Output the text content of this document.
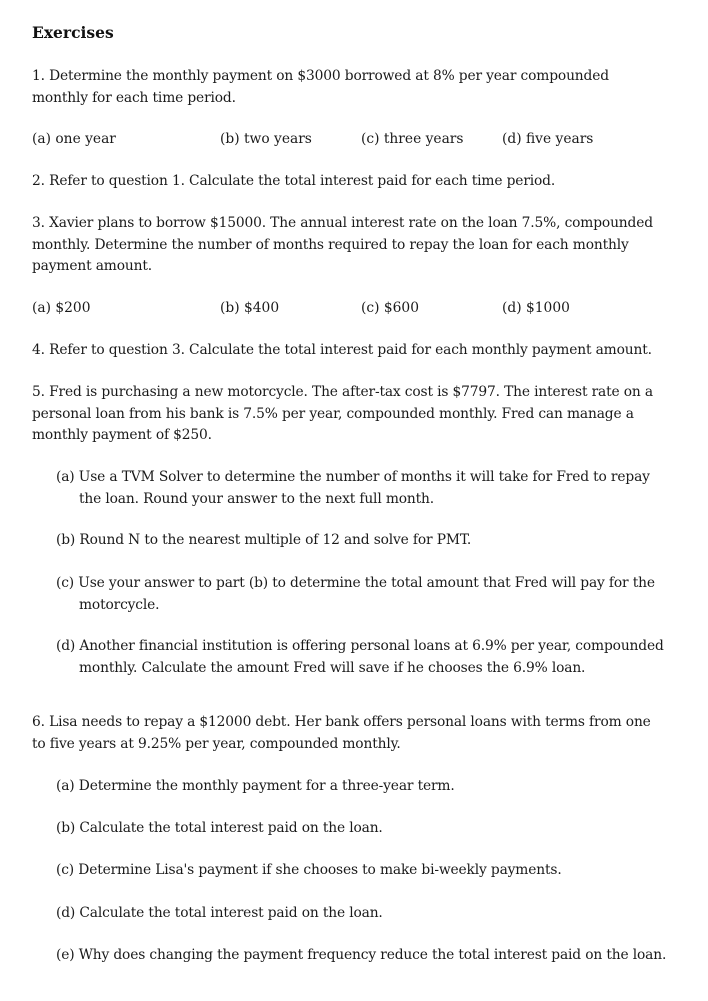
Exercises
1. Determine the monthly payment on $3000 borrowed at 8% per year compounded monthly for each time period.
(a) one year	(b) two years	(c) three years	(d) five years
2. Refer to question 1. Calculate the total interest paid for each time period.
3. Xavier plans to borrow $15000. The annual interest rate on the loan 7.5%, compounded monthly. Determine the number of months required to repay the loan for each monthly payment amount.
(a) $200	(b) $400	(c) $600	(d) $1000
4. Refer to question 3. Calculate the total interest paid for each monthly payment amount.
5. Fred is purchasing a new motorcycle. The after-tax cost is $7797. The interest rate on a personal loan from his bank is 7.5% per year, compounded monthly. Fred can manage a monthly payment of $250.
(a) Use a TVM Solver to determine the number of months it will take for Fred to repay the loan. Round your answer to the next full month.
(b) Round N to the nearest multiple of 12 and solve for PMT.
(c) Use your answer to part (b) to determine the total amount that Fred will pay for the motorcycle.
(d) Another financial institution is offering personal loans at 6.9% per year, compounded monthly. Calculate the amount Fred will save if he chooses the 6.9% loan.
6. Lisa needs to repay a $12000 debt. Her bank offers personal loans with terms from one to five years at 9.25% per year, compounded monthly.
(a) Determine the monthly payment for a three-year term.
(b) Calculate the total interest paid on the loan.
(c) Determine Lisa's payment if she chooses to make bi-weekly payments.
(d) Calculate the total interest paid on the loan.
(e) Why does changing the payment frequency reduce the total interest paid on the loan.
